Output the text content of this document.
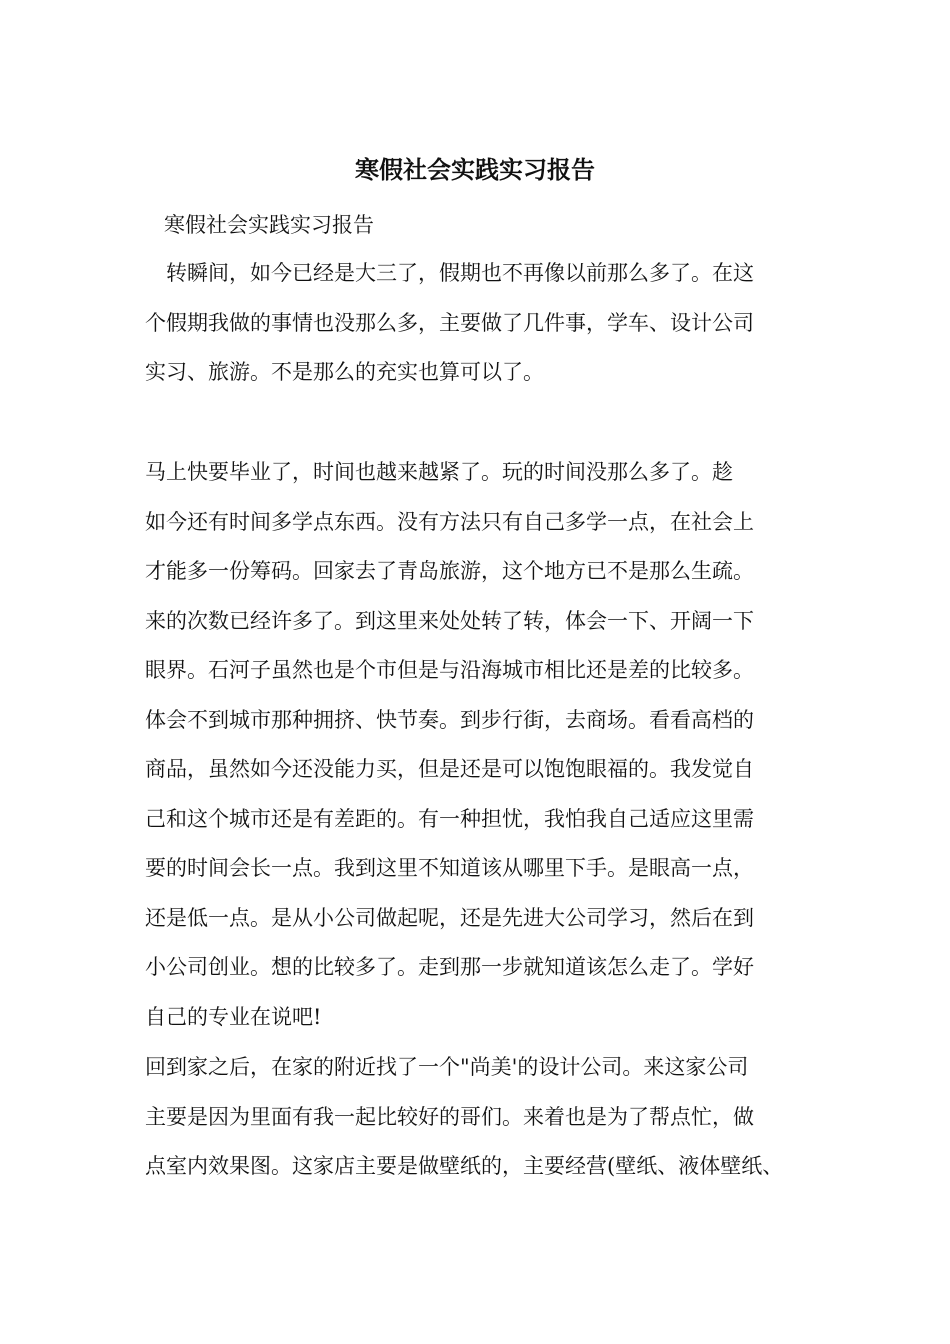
寒假社会实践实习报告

寒假社会实践实习报告

　转瞬间，如今已经是大三了，假期也不再像以前那么多了。在这
个假期我做的事情也没那么多，主要做了几件事，学车、设计公司
实习、旅游。不是那么的充实也算可以了。
马上快要毕业了，时间也越来越紧了。玩的时间没那么多了。趁
如今还有时间多学点东西。没有方法只有自己多学一点，在社会上
才能多一份筹码。回家去了青岛旅游，这个地方已不是那么生疏。
来的次数已经许多了。到这里来处处转了转，体会一下、开阔一下
眼界。石河子虽然也是个市但是与沿海城市相比还是差的比较多。
体会不到城市那种拥挤、快节奏。到步行街，去商场。看看高档的
商品，虽然如今还没能力买，但是还是可以饱饱眼福的。我发觉自
己和这个城市还是有差距的。有一种担忧，我怕我自己适应这里需
要的时间会长一点。我到这里不知道该从哪里下手。是眼高一点，
还是低一点。是从小公司做起呢，还是先进大公司学习，然后在到
小公司创业。想的比较多了。走到那一步就知道该怎么走了。学好
自己的专业在说吧!
回到家之后，在家的附近找了一个"尚美'的设计公司。来这家公司
主要是因为里面有我一起比较好的哥们。来着也是为了帮点忙，做
点室内效果图。这家店主要是做壁纸的，主要经营(壁纸、液体壁纸、
